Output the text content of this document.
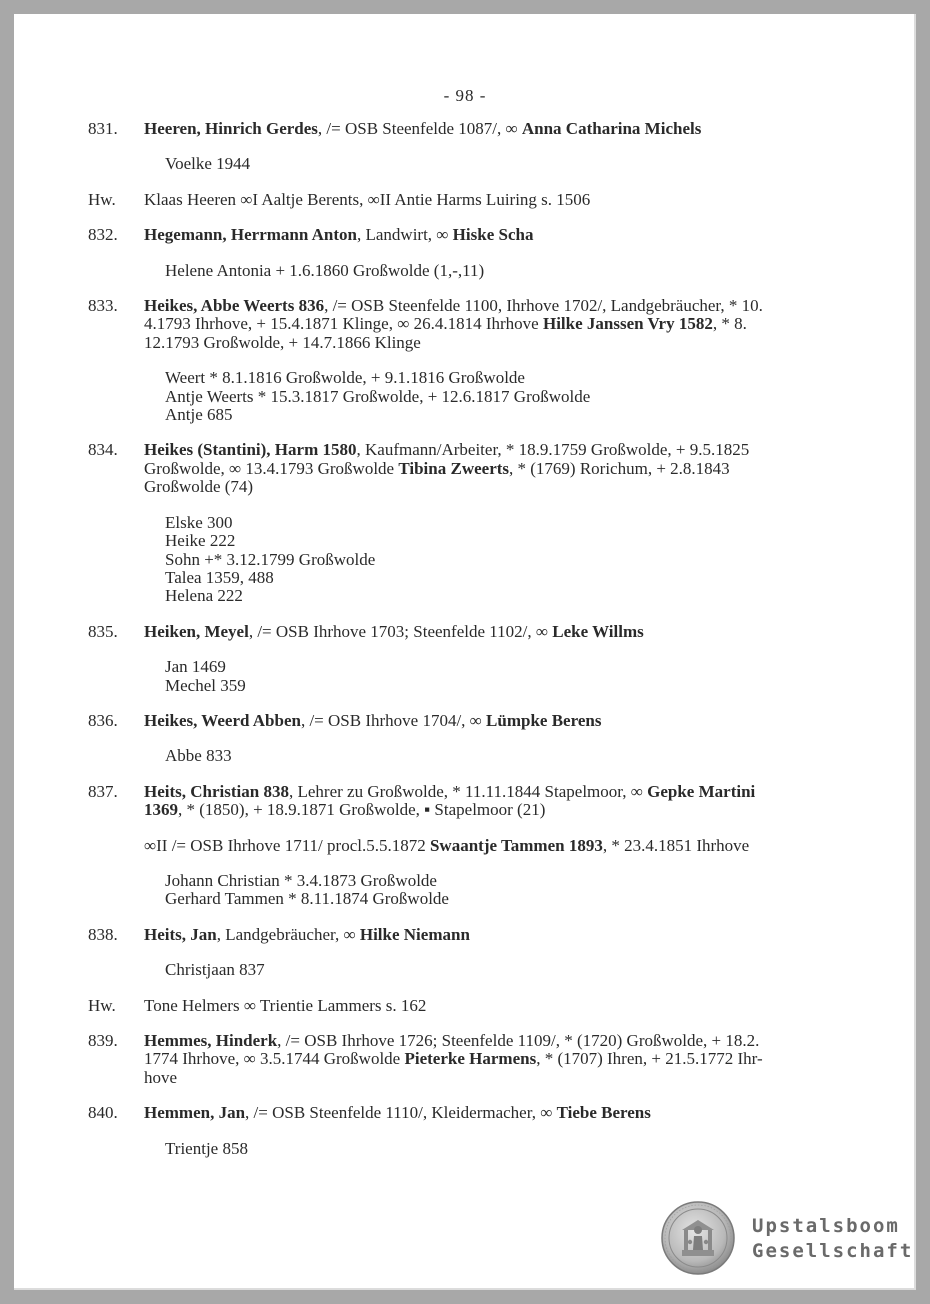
- 98 -
831.	Heeren, Hinrich Gerdes, /= OSB Steenfelde 1087/, ∞ Anna Catharina Michels
Voelke 1944
Hw.	Klaas Heeren ∞I Aaltje Berents, ∞II Antie Harms Luiring s. 1506
832.	Hegemann, Herrmann Anton, Landwirt, ∞ Hiske Scha
Helene Antonia + 1.6.1860 Großwolde (1,-,11)
833.	Heikes, Abbe Weerts 836, /= OSB Steenfelde 1100, Ihrhove 1702/, Landgebräucher, * 10.
4.1793 Ihrhove, + 15.4.1871 Klinge, ∞ 26.4.1814 Ihrhove Hilke Janssen Vry 1582, * 8.
12.1793 Großwolde, + 14.7.1866 Klinge
Weert * 8.1.1816 Großwolde, + 9.1.1816 Großwolde
Antje Weerts * 15.3.1817 Großwolde, + 12.6.1817 Großwolde
Antje 685
834.	Heikes (Stantini), Harm 1580, Kaufmann/Arbeiter, * 18.9.1759 Großwolde, + 9.5.1825
Großwolde, ∞ 13.4.1793 Großwolde Tibina Zweerts, * (1769) Rorichum, + 2.8.1843
Großwolde (74)
Elske 300
Heike 222
Sohn +* 3.12.1799 Großwolde
Talea 1359, 488
Helena 222
835.	Heiken, Meyel, /= OSB Ihrhove 1703; Steenfelde 1102/, ∞ Leke Willms
Jan 1469
Mechel 359
836.	Heikes, Weerd Abben, /= OSB Ihrhove 1704/, ∞ Lümpke Berens
Abbe 833
837.	Heits, Christian 838, Lehrer zu Großwolde, * 11.11.1844 Stapelmoor, ∞ Gepke Martini
1369, * (1850), + 18.9.1871 Großwolde, ▪ Stapelmoor (21)
∞II /= OSB Ihrhove 1711/ procl.5.5.1872 Swaantje Tammen 1893, * 23.4.1851 Ihrhove
Johann Christian * 3.4.1873 Großwolde
Gerhard Tammen * 8.11.1874 Großwolde
838.	Heits, Jan, Landgebräucher, ∞ Hilke Niemann
Christjaan 837
Hw.	Tone Helmers ∞ Trientie Lammers s. 162
839.	Hemmes, Hinderk, /= OSB Ihrhove 1726; Steenfelde 1109/, * (1720) Großwolde, + 18.2.
1774 Ihrhove, ∞ 3.5.1744 Großwolde Pieterke Harmens, * (1707) Ihren, + 21.5.1772 Ihr-
hove
840.	Hemmen, Jan, /= OSB Steenfelde 1110/, Kleidermacher, ∞ Tiebe Berens
Trientje 858
Upstalsboom
Gesellschaft
